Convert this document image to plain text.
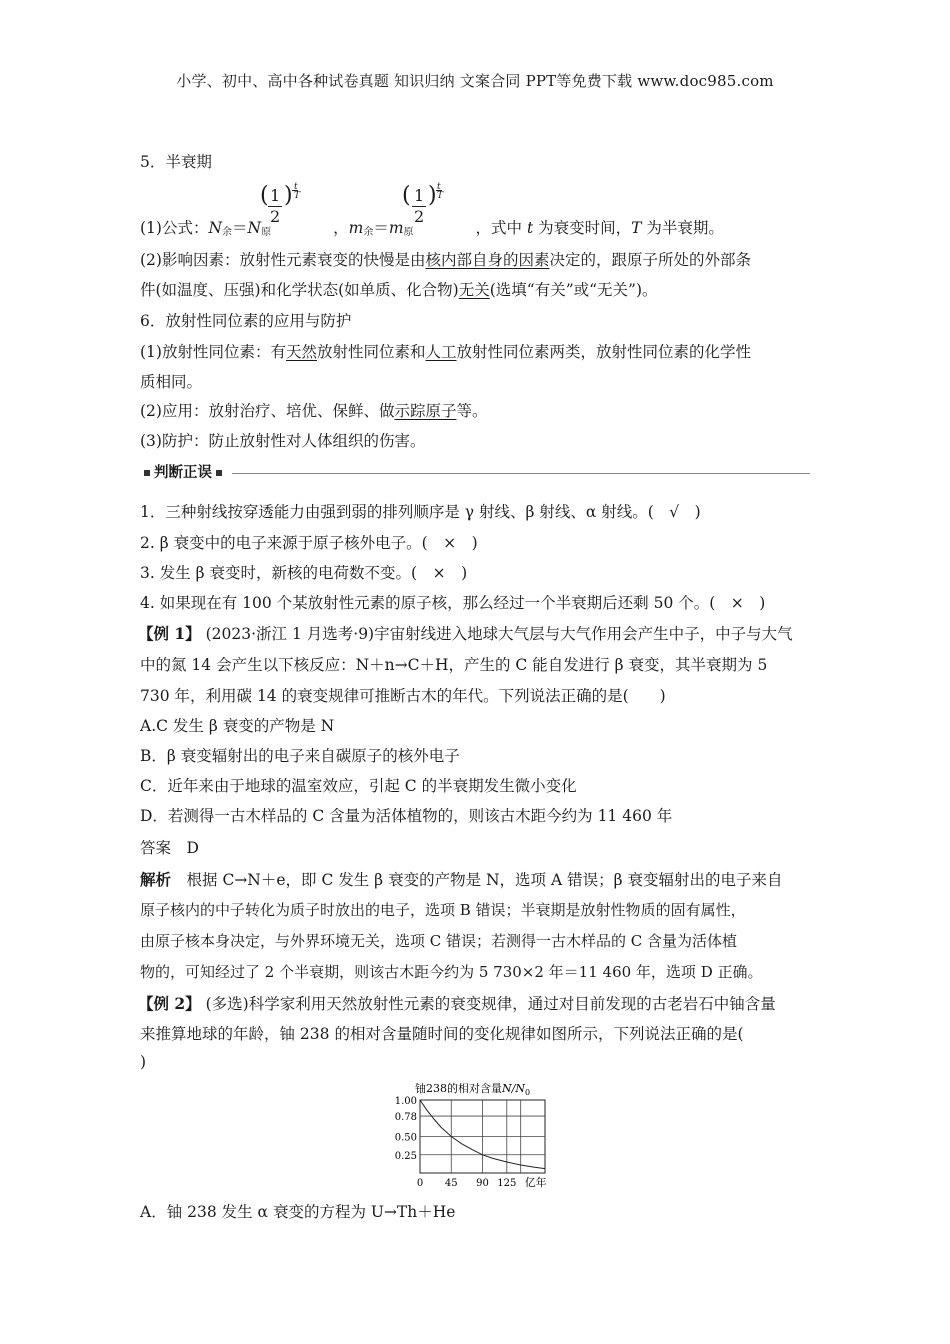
小学、初中、高中各种试卷真题 知识归纳 文案合同 PPT等免费下载 www.doc985.com
5．半衰期
( 1
2
) t
T
( 1
2
) t
T
(1)公式：$N_余=N_原$	，$m_余=m_原$	，式中 t 为衰变时间，T 为半衰期。
(2)影响因素：放射性元素衰变的快慢是由核内部自身的因素决定的，跟原子所处的外部条
件(如温度、压强)和化学状态(如单质、化合物)无关(选填“有关”或“无关”)。
6．放射性同位素的应用与防护
(1)放射性同位素：有天然放射性同位素和人工放射性同位素两类，放射性同位素的化学性
质相同。
(2)应用：放射治疗、培优、保鲜、做示踪原子等。
(3)防护：防止放射性对人体组织的伤害。
判断正误
1．三种射线按穿透能力由强到弱的排列顺序是 γ 射线、β 射线、α 射线。(　√　)
2. β 衰变中的电子来源于原子核外电子。(　×　)
3. 发生 β 衰变时，新核的电荷数不变。(　×　)
4. 如果现在有 100 个某放射性元素的原子核，那么经过一个半衰期后还剩 50 个。(　×　)
【例 1】 (2023·浙江 1 月选考·9)宇宙射线进入地球大气层与大气作用会产生中子，中子与大气
中的氮 14 会产生以下核反应：N＋n→C＋H，产生的 C 能自发进行 β 衰变，其半衰期为 5
730 年，利用碳 14 的衰变规律可推断古木的年代。下列说法正确的是(　　)
A.C 发生 β 衰变的产物是 N
B．β 衰变辐射出的电子来自碳原子的核外电子
C．近年来由于地球的温室效应，引起 C 的半衰期发生微小变化
D．若测得一古木样品的 C 含量为活体植物的，则该古木距今约为 11 460 年
答案　 D
解析　 根据 C→N＋e，即 C 发生 β 衰变的产物是 N，选项 A 错误；β 衰变辐射出的电子来自
原子核内的中子转化为质子时放出的电子，选项 B 错误；半衰期是放射性物质的固有属性，
由原子核本身决定，与外界环境无关，选项 C 错误；若测得一古木样品的 C 含量为活体植
物的，可知经过了 2 个半衰期，则该古木距今约为 5 730×2 年＝11 460 年，选项 D 正确。
【例 2】 (多选)科学家利用天然放射性元素的衰变规律，通过对目前发现的古老岩石中铀含量
来推算地球的年龄，铀 238 的相对含量随时间的变化规律如图所示，下列说法正确的是(
)
铀238的相对含量$N/N_0$
1.00
0.78
0.50
0.25
0 45 90 125 亿年
A．铀 238 发生 α 衰变的方程为 U→Th＋He
